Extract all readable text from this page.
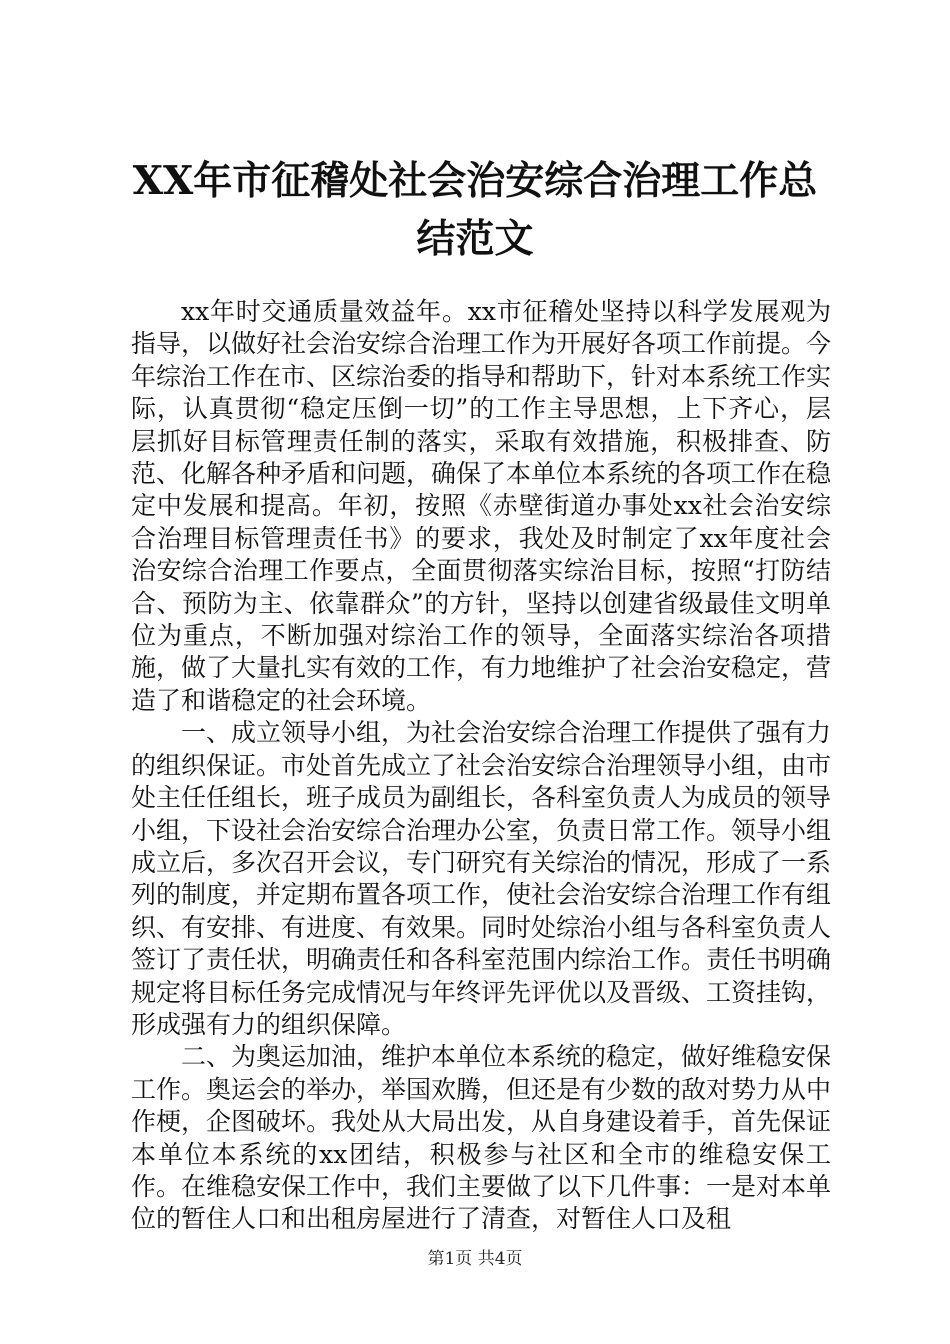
XX年市征稽处社会治安综合治理工作总结范文

xx年时交通质量效益年。xx市征稽处坚持以科学发展观为指导，以做好社会治安综合治理工作为开展好各项工作前提。今年综治工作在市、区综治委的指导和帮助下，针对本系统工作实际，认真贯彻“稳定压倒一切”的工作主导思想，上下齐心，层层抓好目标管理责任制的落实，采取有效措施，积极排查、防范、化解各种矛盾和问题，确保了本单位本系统的各项工作在稳定中发展和提高。年初，按照《赤壁街道办事处xx社会治安综合治理目标管理责任书》的要求，我处及时制定了xx年度社会治安综合治理工作要点，全面贯彻落实综治目标，按照“打防结合、预防为主、依靠群众”的方针，坚持以创建省级最佳文明单位为重点，不断加强对综治工作的领导，全面落实综治各项措施，做了大量扎实有效的工作，有力地维护了社会治安稳定，营造了和谐稳定的社会环境。

一、成立领导小组，为社会治安综合治理工作提供了强有力的组织保证。市处首先成立了社会治安综合治理领导小组，由市处主任任组长，班子成员为副组长，各科室负责人为成员的领导小组，下设社会治安综合治理办公室，负责日常工作。领导小组成立后，多次召开会议，专门研究有关综治的情况，形成了一系列的制度，并定期布置各项工作，使社会治安综合治理工作有组织、有安排、有进度、有效果。同时处综治小组与各科室负责人签订了责任状，明确责任和各科室范围内综治工作。责任书明确规定将目标任务完成情况与年终评先评优以及晋级、工资挂钩，形成强有力的组织保障。

二、为奥运加油，维护本单位本系统的稳定，做好维稳安保工作。奥运会的举办，举国欢腾，但还是有少数的敌对势力从中作梗，企图破坏。我处从大局出发，从自身建设着手，首先保证本单位本系统的xx团结，积极参与社区和全市的维稳安保工作。在维稳安保工作中，我们主要做了以下几件事：一是对本单位的暂住人口和出租房屋进行了清查，对暂住人口及租

第1页 共4页
